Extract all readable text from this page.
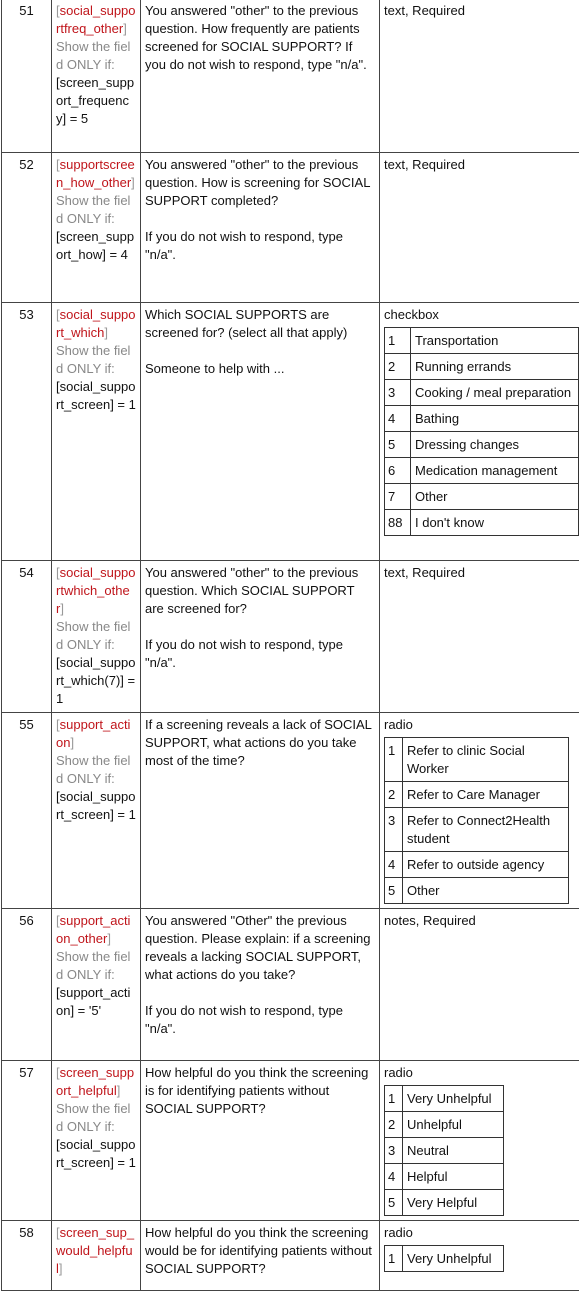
51	[social_supportfreq_other]
Show the field ONLY if:
[screen_support_frequency] = 5

You answered "other" to the previous question. How frequently are patients screened for SOCIAL SUPPORT? If you do not wish to respond, type "n/a".

text, Required

52	[supportscreen_how_other]
Show the field ONLY if:
[screen_support_how] = 4

You answered "other" to the previous question. How is screening for SOCIAL SUPPORT completed?

If you do not wish to respond, type "n/a".

text, Required

53	[social_support_which]
Show the field ONLY if:
[social_support_screen] = 1

Which SOCIAL SUPPORTS are screened for? (select all that apply)

Someone to help with ...

checkbox
1	Transportation
2	Running errands
3	Cooking / meal preparation
4	Bathing
5	Dressing changes
6	Medication management
7	Other
88	I don't know

54	[social_supportwhich_other]
Show the field ONLY if:
[social_support_which(7)] = 1

You answered "other" to the previous question. Which SOCIAL SUPPORT are screened for?

If you do not wish to respond, type "n/a".

text, Required

55	[support_action]
Show the field ONLY if:
[social_support_screen] = 1

If a screening reveals a lack of SOCIAL SUPPORT, what actions do you take most of the time?

radio
1	Refer to clinic Social Worker
2	Refer to Care Manager
3	Refer to Connect2Health student
4	Refer to outside agency
5	Other

56	[support_action_other]
Show the field ONLY if:
[support_action] = '5'

You answered "Other" the previous question. Please explain: if a screening reveals a lacking SOCIAL SUPPORT, what actions do you take?

If you do not wish to respond, type "n/a".

notes, Required

57	[screen_support_helpful]
Show the field ONLY if:
[social_support_screen] = 1

How helpful do you think the screening is for identifying patients without SOCIAL SUPPORT?

radio
1	Very Unhelpful
2	Unhelpful
3	Neutral
4	Helpful
5	Very Helpful

58	[screen_sup_would_helpful]	

How helpful do you think the screening would be for identifying patients without SOCIAL SUPPORT?

radio
1	Very Unhelpful
